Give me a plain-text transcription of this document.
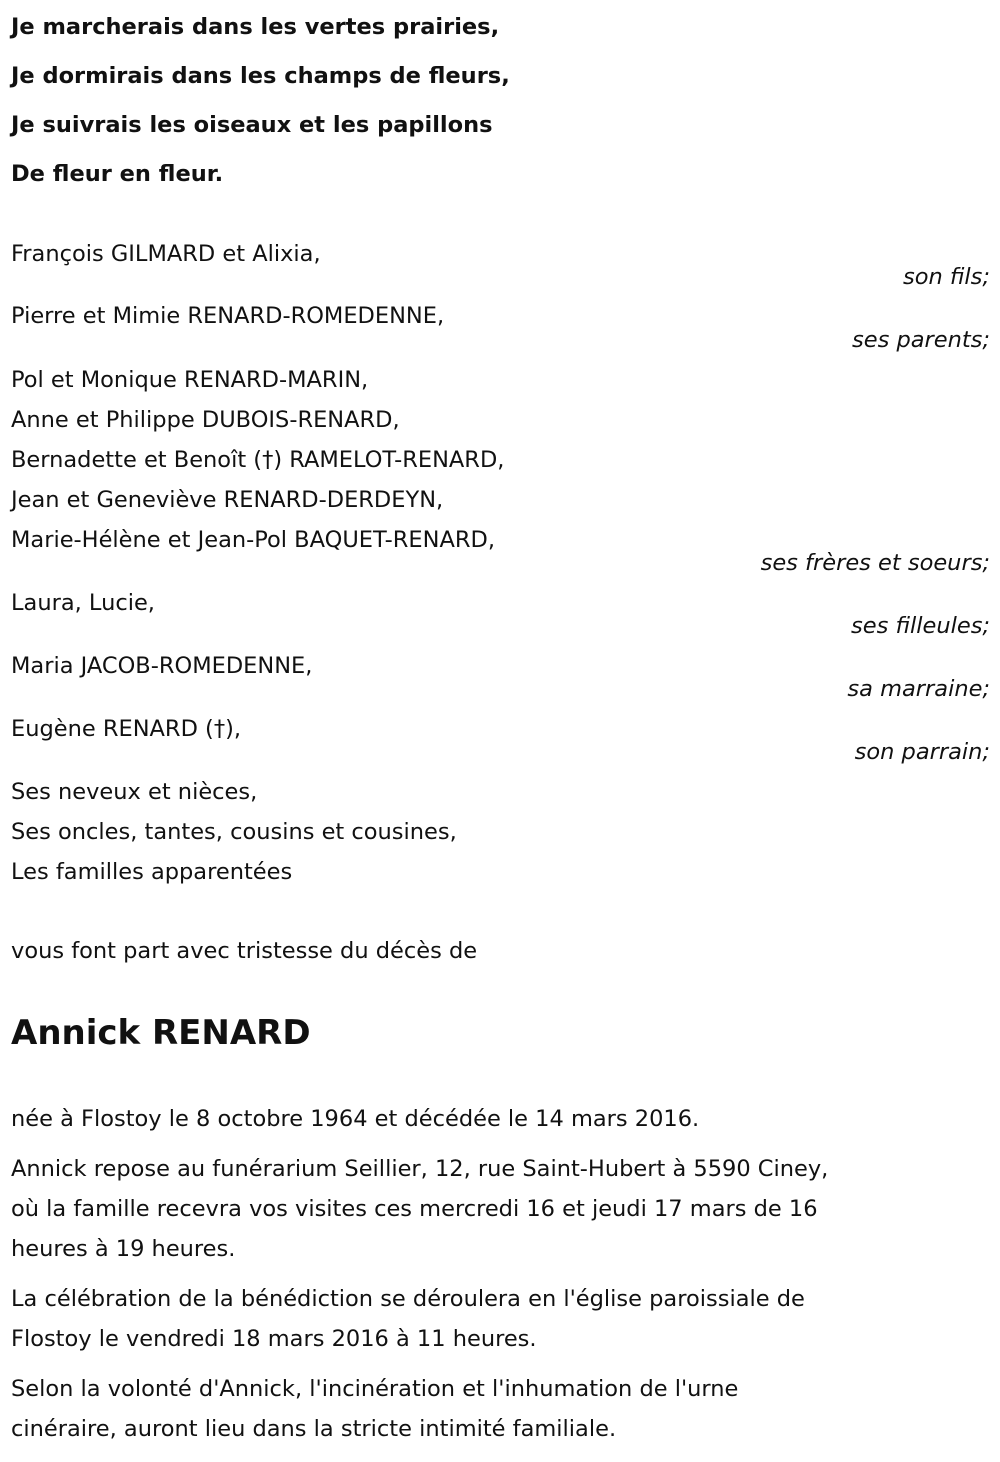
Je marcherais dans les vertes prairies,
Je dormirais dans les champs de fleurs,
Je suivrais les oiseaux et les papillons
De fleur en fleur.
François GILMARD et Alixia,
son fils;
Pierre et Mimie RENARD-ROMEDENNE,
ses parents;
Pol et Monique RENARD-MARIN,
Anne et Philippe DUBOIS-RENARD,
Bernadette et Benoît (†) RAMELOT-RENARD,
Jean et Geneviève RENARD-DERDEYN,
Marie-Hélène et Jean-Pol BAQUET-RENARD,
ses frères et soeurs;
Laura, Lucie,
ses filleules;
Maria JACOB-ROMEDENNE,
sa marraine;
Eugène RENARD (†),
son parrain;
Ses neveux et nièces,
Ses oncles, tantes, cousins et cousines,
Les familles apparentées
vous font part avec tristesse du décès de
Annick RENARD
née à Flostoy le 8 octobre 1964 et décédée le 14 mars 2016.
Annick repose au funérarium Seillier, 12, rue Saint-Hubert à 5590 Ciney,
où la famille recevra vos visites ces mercredi 16 et jeudi 17 mars de 16
heures à 19 heures.
La célébration de la bénédiction se déroulera en l'église paroissiale de
Flostoy le vendredi 18 mars 2016 à 11 heures.
Selon la volonté d'Annick, l'incinération et l'inhumation de l'urne
cinéraire, auront lieu dans la stricte intimité familiale.
